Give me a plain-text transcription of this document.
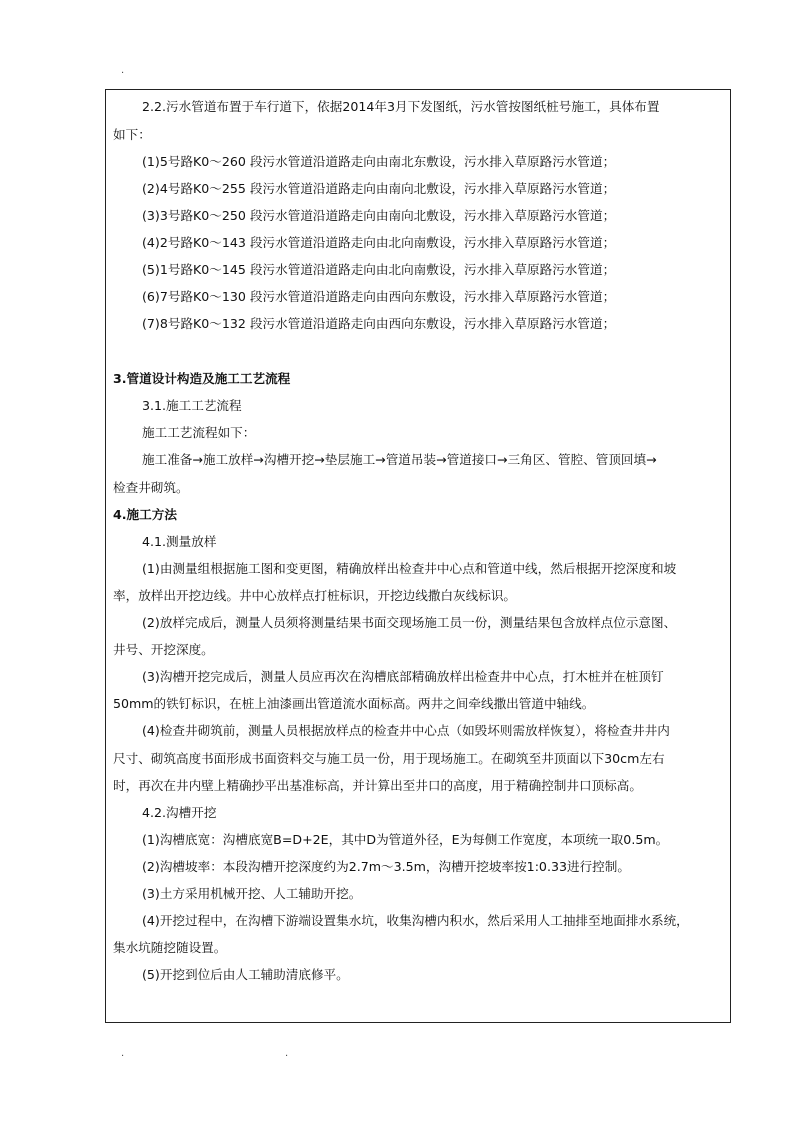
.
2.2.污水管道布置于车行道下，依据2014年3月下发图纸，污水管按图纸桩号施工，具体布置
如下：
(1)5号路K0～260 段污水管道沿道路走向由南北东敷设，污水排入草原路污水管道；
(2)4号路K0～255 段污水管道沿道路走向由南向北敷设，污水排入草原路污水管道；
(3)3号路K0～250 段污水管道沿道路走向由南向北敷设，污水排入草原路污水管道；
(4)2号路K0～143 段污水管道沿道路走向由北向南敷设，污水排入草原路污水管道；
(5)1号路K0～145 段污水管道沿道路走向由北向南敷设，污水排入草原路污水管道；
(6)7号路K0～130 段污水管道沿道路走向由西向东敷设，污水排入草原路污水管道；
(7)8号路K0～132 段污水管道沿道路走向由西向东敷设，污水排入草原路污水管道；
3.管道设计构造及施工工艺流程
3.1.施工工艺流程
施工工艺流程如下：
施工准备→施工放样→沟槽开挖→垫层施工→管道吊装→管道接口→三角区、管腔、管顶回填→
检查井砌筑。
4.施工方法
4.1.测量放样
(1)由测量组根据施工图和变更图，精确放样出检查井中心点和管道中线，然后根据开挖深度和坡
率，放样出开挖边线。井中心放样点打桩标识，开挖边线撒白灰线标识。
(2)放样完成后，测量人员须将测量结果书面交现场施工员一份，测量结果包含放样点位示意图、
井号、开挖深度。
(3)沟槽开挖完成后，测量人员应再次在沟槽底部精确放样出检查井中心点，打木桩并在桩顶钉
50mm的铁钉标识，在桩上油漆画出管道流水面标高。两井之间牵线撒出管道中轴线。
(4)检查井砌筑前，测量人员根据放样点的检查井中心点（如毁坏则需放样恢复），将检查井井内
尺寸、砌筑高度书面形成书面资料交与施工员一份，用于现场施工。在砌筑至井顶面以下30cm左右
时，再次在井内壁上精确抄平出基准标高，并计算出至井口的高度，用于精确控制井口顶标高。
4.2.沟槽开挖
(1)沟槽底宽：沟槽底宽B=D+2E，其中D为管道外径，E为每侧工作宽度，本项统一取0.5m。
(2)沟槽坡率：本段沟槽开挖深度约为2.7m～3.5m，沟槽开挖坡率按1:0.33进行控制。
(3)土方采用机械开挖、人工辅助开挖。
(4)开挖过程中，在沟槽下游端设置集水坑，收集沟槽内积水，然后采用人工抽排至地面排水系统，
集水坑随挖随设置。
(5)开挖到位后由人工辅助清底修平。
.	.
